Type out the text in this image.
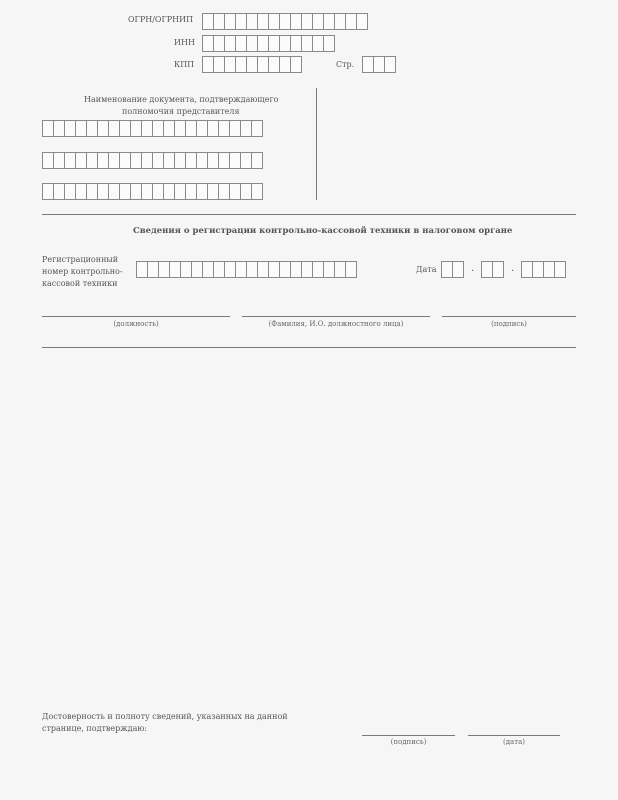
ОГРН/ОГРНИП
ИНН
КПП	Стр.
Наименование документа, подтверждающего
полномочия представителя
Сведения о регистрации контрольно-кассовой техники в налоговом органе
Регистрационный
номер контрольно-
кассовой техники
Дата	.	.
(должность)	(Фамилия, И.О. должностного лица)	(подпись)
Достоверность и полноту сведений, указанных на данной
странице, подтверждаю:
(подпись)	(дата)
